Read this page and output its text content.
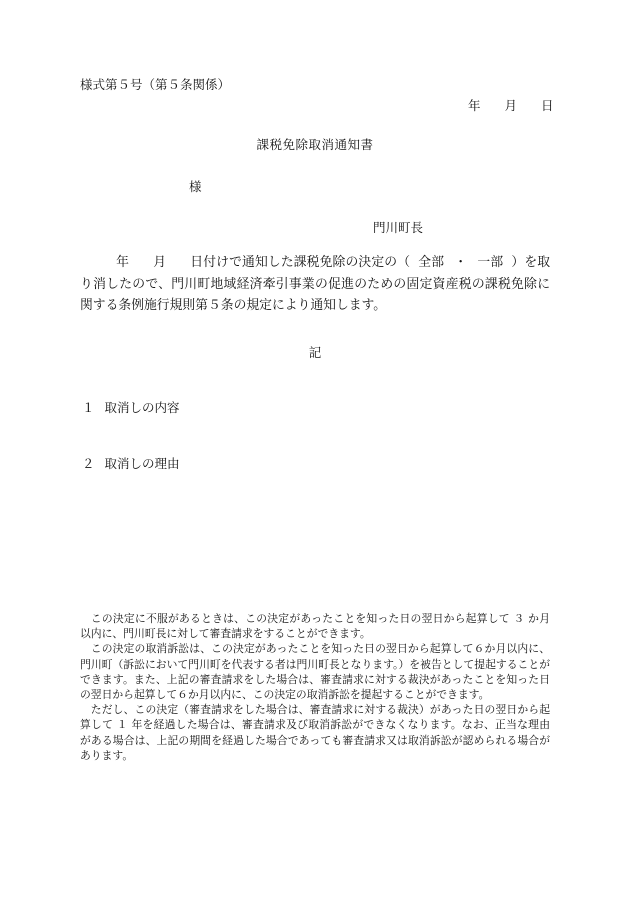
様式第５号（第５条関係）
年 月 日
課税免除取消通知書
様
門川町長
年 月 日付けで通知した課税免除の決定の（ 全部 ・ 一部 ）を取り消したので、門川町地域経済牽引事業の促進のための固定資産税の課税免除に関する条例施行規則第５条の規定により通知します。
記
１ 取消しの内容
２ 取消しの理由

この決定に不服があるときは、この決定があったことを知った日の翌日から起算して ３ か月以内に、門川町長に対して審査請求をすることができます。

この決定の取消訴訟は、この決定があったことを知った日の翌日から起算して６か月以内に、門川町（訴訟において門川町を代表する者は門川町長となります。）を被告として提起することができます。また、上記の審査請求をした場合は、審査請求に対する裁決があったことを知った日の翌日から起算して６か月以内に、この決定の取消訴訟を提起することができます。

ただし、この決定（審査請求をした場合は、審査請求に対する裁決）があった日の翌日から起算して １ 年を経過した場合は、審査請求及び取消訴訟ができなくなります。なお、正当な理由がある場合は、上記の期間を経過した場合であっても審査請求又は取消訴訟が認められる場合があります。
